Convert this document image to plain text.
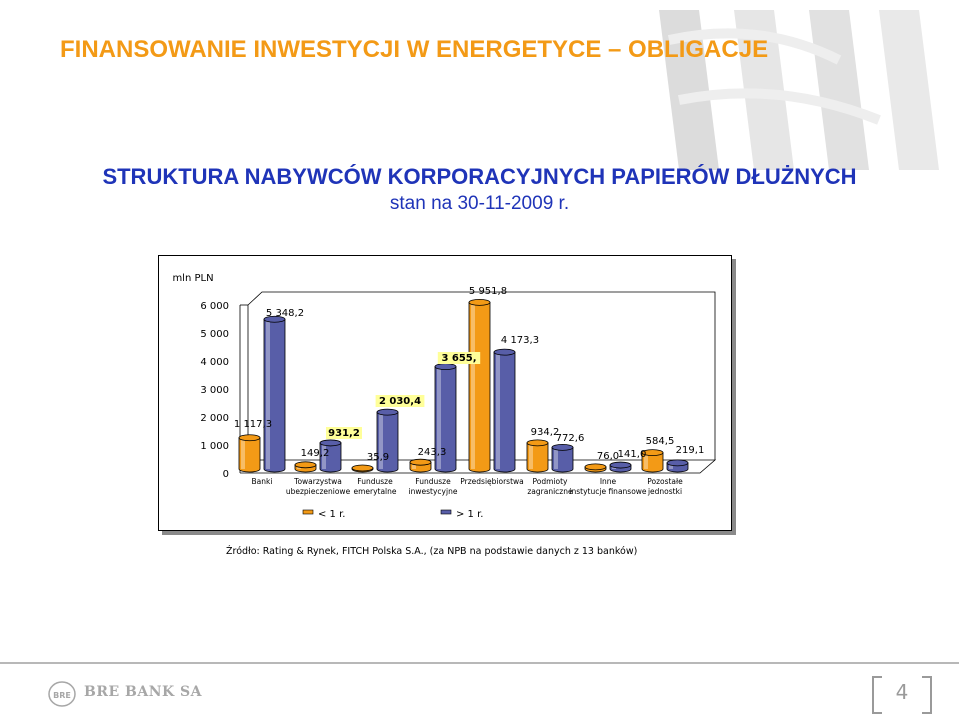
FINANSOWANIE INWESTYCJI W ENERGETYCE – OBLIGACJE
STRUKTURA NABYWCÓW KORPORACYJNYCH PAPIERÓW DŁUŻNYCH
stan na 30-11-2009 r.
mln PLN
0
1 000
2 000
3 000
4 000
5 000
6 000
Banki	Towarzystwa
ubezpieczeniowe
Fundusze
emerytalne
Fundusze
inwestycyjne
Przedsiębiorstwa Podmioty
zagraniczne
Inne
instytucje finansowe
Pozostałe
jednostki
1 117,3
149,2	35,9	243,3
5 951,8
934,2
76,0
584,5
5 348,2
931,2
2 030,4
3 655,
4 173,3
772,6
141,0	219,1
< 1 r.	> 1 r.
Źródło: Rating & Rynek, FITCH Polska S.A., (za NPB na podstawie danych z 13 banków)
BRE BRE BANK SA	4
